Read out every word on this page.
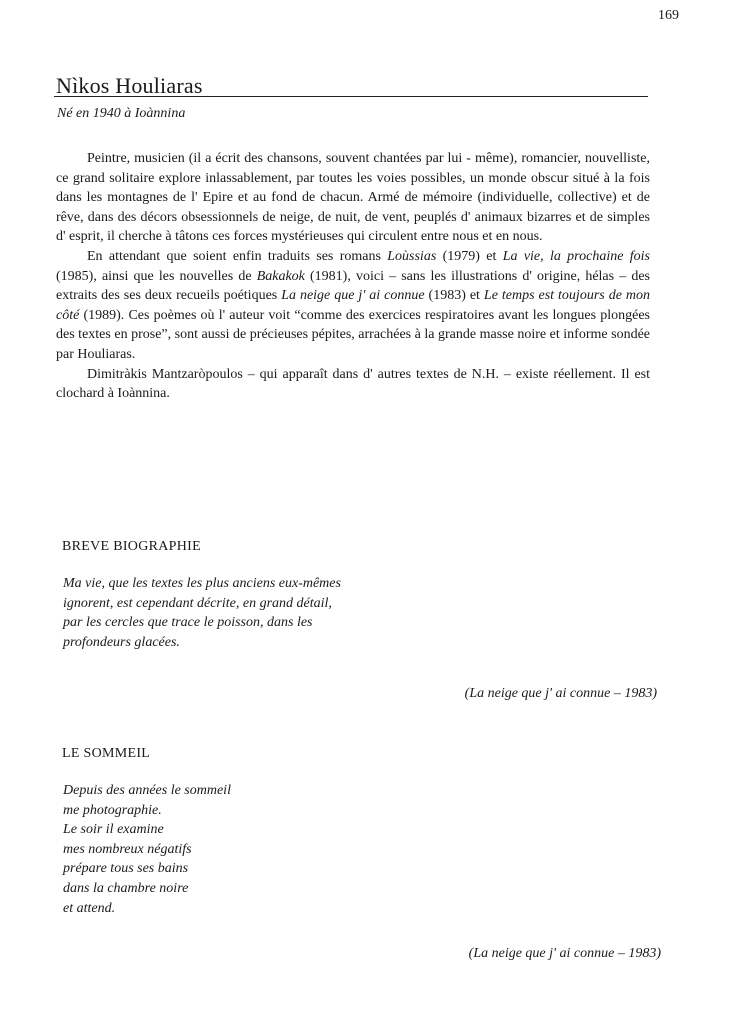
169
Nìkos Houliaras
Né en 1940 à Ioànnina

Peintre, musicien (il a écrit des chansons, souvent chantées par lui - même), romancier, nouvelliste, ce grand solitaire explore inlassablement, par toutes les voies possibles, un monde obscur situé à la fois dans les montagnes de l' Epire et au fond de chacun. Armé de mémoire (individuelle, collective) et de rêve, dans des décors obsessionnels de neige, de nuit, de vent, peuplés d' animaux bizarres et de simples d' esprit, il cherche à tâtons ces forces mystérieuses qui circulent entre nous et en nous.

En attendant que soient enfin traduits ses romans Loùssias (1979) et La vie, la prochaine fois (1985), ainsi que les nouvelles de Bakakok (1981), voici – sans les illustrations d' origine, hélas – des extraits des ses deux recueils poétiques La neige que j' ai connue (1983) et Le temps est toujours de mon côté (1989). Ces poèmes où l' auteur voit “comme des exercices respiratoires avant les longues plongées des textes en prose”, sont aussi de précieuses pépites, arrachées à la grande masse noire et informe sondée par Houliaras.

Dimitràkis Mantzaròpoulos – qui apparaît dans d' autres textes de N.H. – existe réellement. Il est clochard à Ioànnina.

BREVE BIOGRAPHIE
Ma vie, que les textes les plus anciens eux-mêmes
ignorent, est cependant décrite, en grand détail,
par les cercles que trace le poisson, dans les
profondeurs glacées.
(La neige que j' ai connue – 1983)
LE SOMMEIL
Depuis des années le sommeil
me photographie.
Le soir il examine
mes nombreux négatifs
prépare tous ses bains
dans la chambre noire
et attend.
(La neige que j' ai connue – 1983)
